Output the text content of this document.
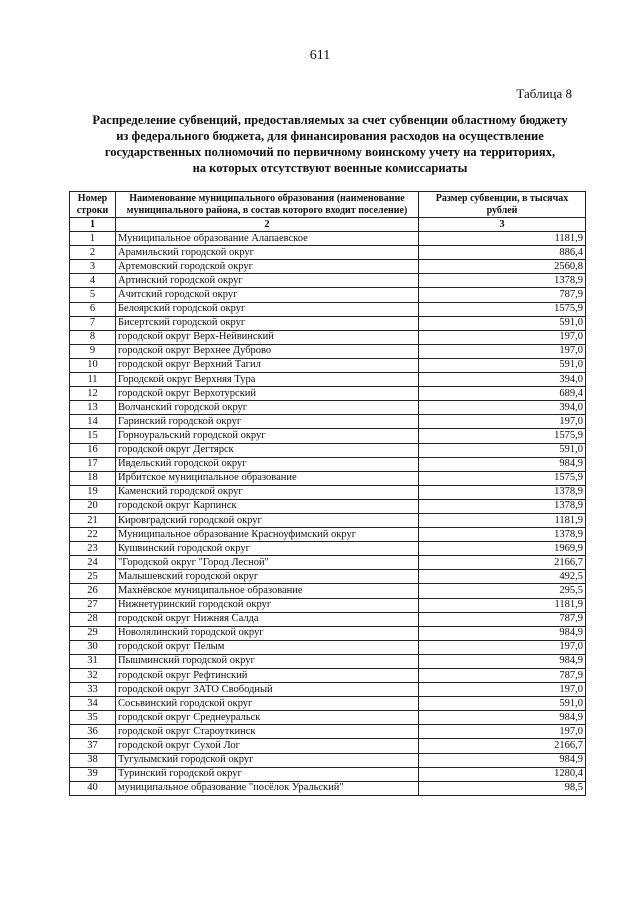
611
Таблица 8
Распределение субвенций, предоставляемых за счет субвенции областному бюджету
из федерального бюджета, для финансирования расходов на осуществление
государственных полномочий по первичному воинскому учету на территориях,
на которых отсутствуют военные комиссариаты
Номер строки	Наименование муниципального образования (наименование муниципального района, в состав которого входит поселение)	Размер субвенции, в тысячах рублей
1	2	3
1	Муниципальное образование Алапаевское	1181,9
2	Арамильский городской округ	886,4
3	Артемовский городской округ	2560,8
4	Артинский городской округ	1378,9
5	Ачитский городской округ	787,9
6	Белоярский городской округ	1575,9
7	Бисертский городской округ	591,0
8	городской округ Верх-Нейвинский	197,0
9	городской округ Верхнее Дуброво	197,0
10	городской округ Верхний Тагил	591,0
11	Городской округ Верхняя Тура	394,0
12	городской округ Верхотурский	689,4
13	Волчанский городской округ	394,0
14	Гаринский городской округ	197,0
15	Горноуральский городской округ	1575,9
16	городской округ Дегтярск	591,0
17	Ивдельский городской округ	984,9
18	Ирбитское муниципальное образование	1575,9
19	Каменский городской округ	1378,9
20	городской округ Карпинск	1378,9
21	Кировградский городской округ	1181,9
22	Муниципальное образование Красноуфимский округ	1378,9
23	Кушвинский городской округ	1969,9
24	"Городской округ "Город Лесной"	2166,7
25	Малышевский городской округ	492,5
26	Махнёвское муниципальное образование	295,5
27	Нижнетуринский городской округ	1181,9
28	городской округ Нижняя Салда	787,9
29	Новолялинский городской округ	984,9
30	городской округ Пелым	197,0
31	Пышминский городской округ	984,9
32	городской округ Рефтинский	787,9
33	городской округ ЗАТО Свободный	197,0
34	Сосьвинский городской округ	591,0
35	городской округ Среднеуральск	984,9
36	городской округ Староуткинск	197,0
37	городской округ Сухой Лог	2166,7
38	Тугулымский городской округ	984,9
39	Туринский городской округ	1280,4
40	муниципальное образование "посёлок Уральский"	98,5
